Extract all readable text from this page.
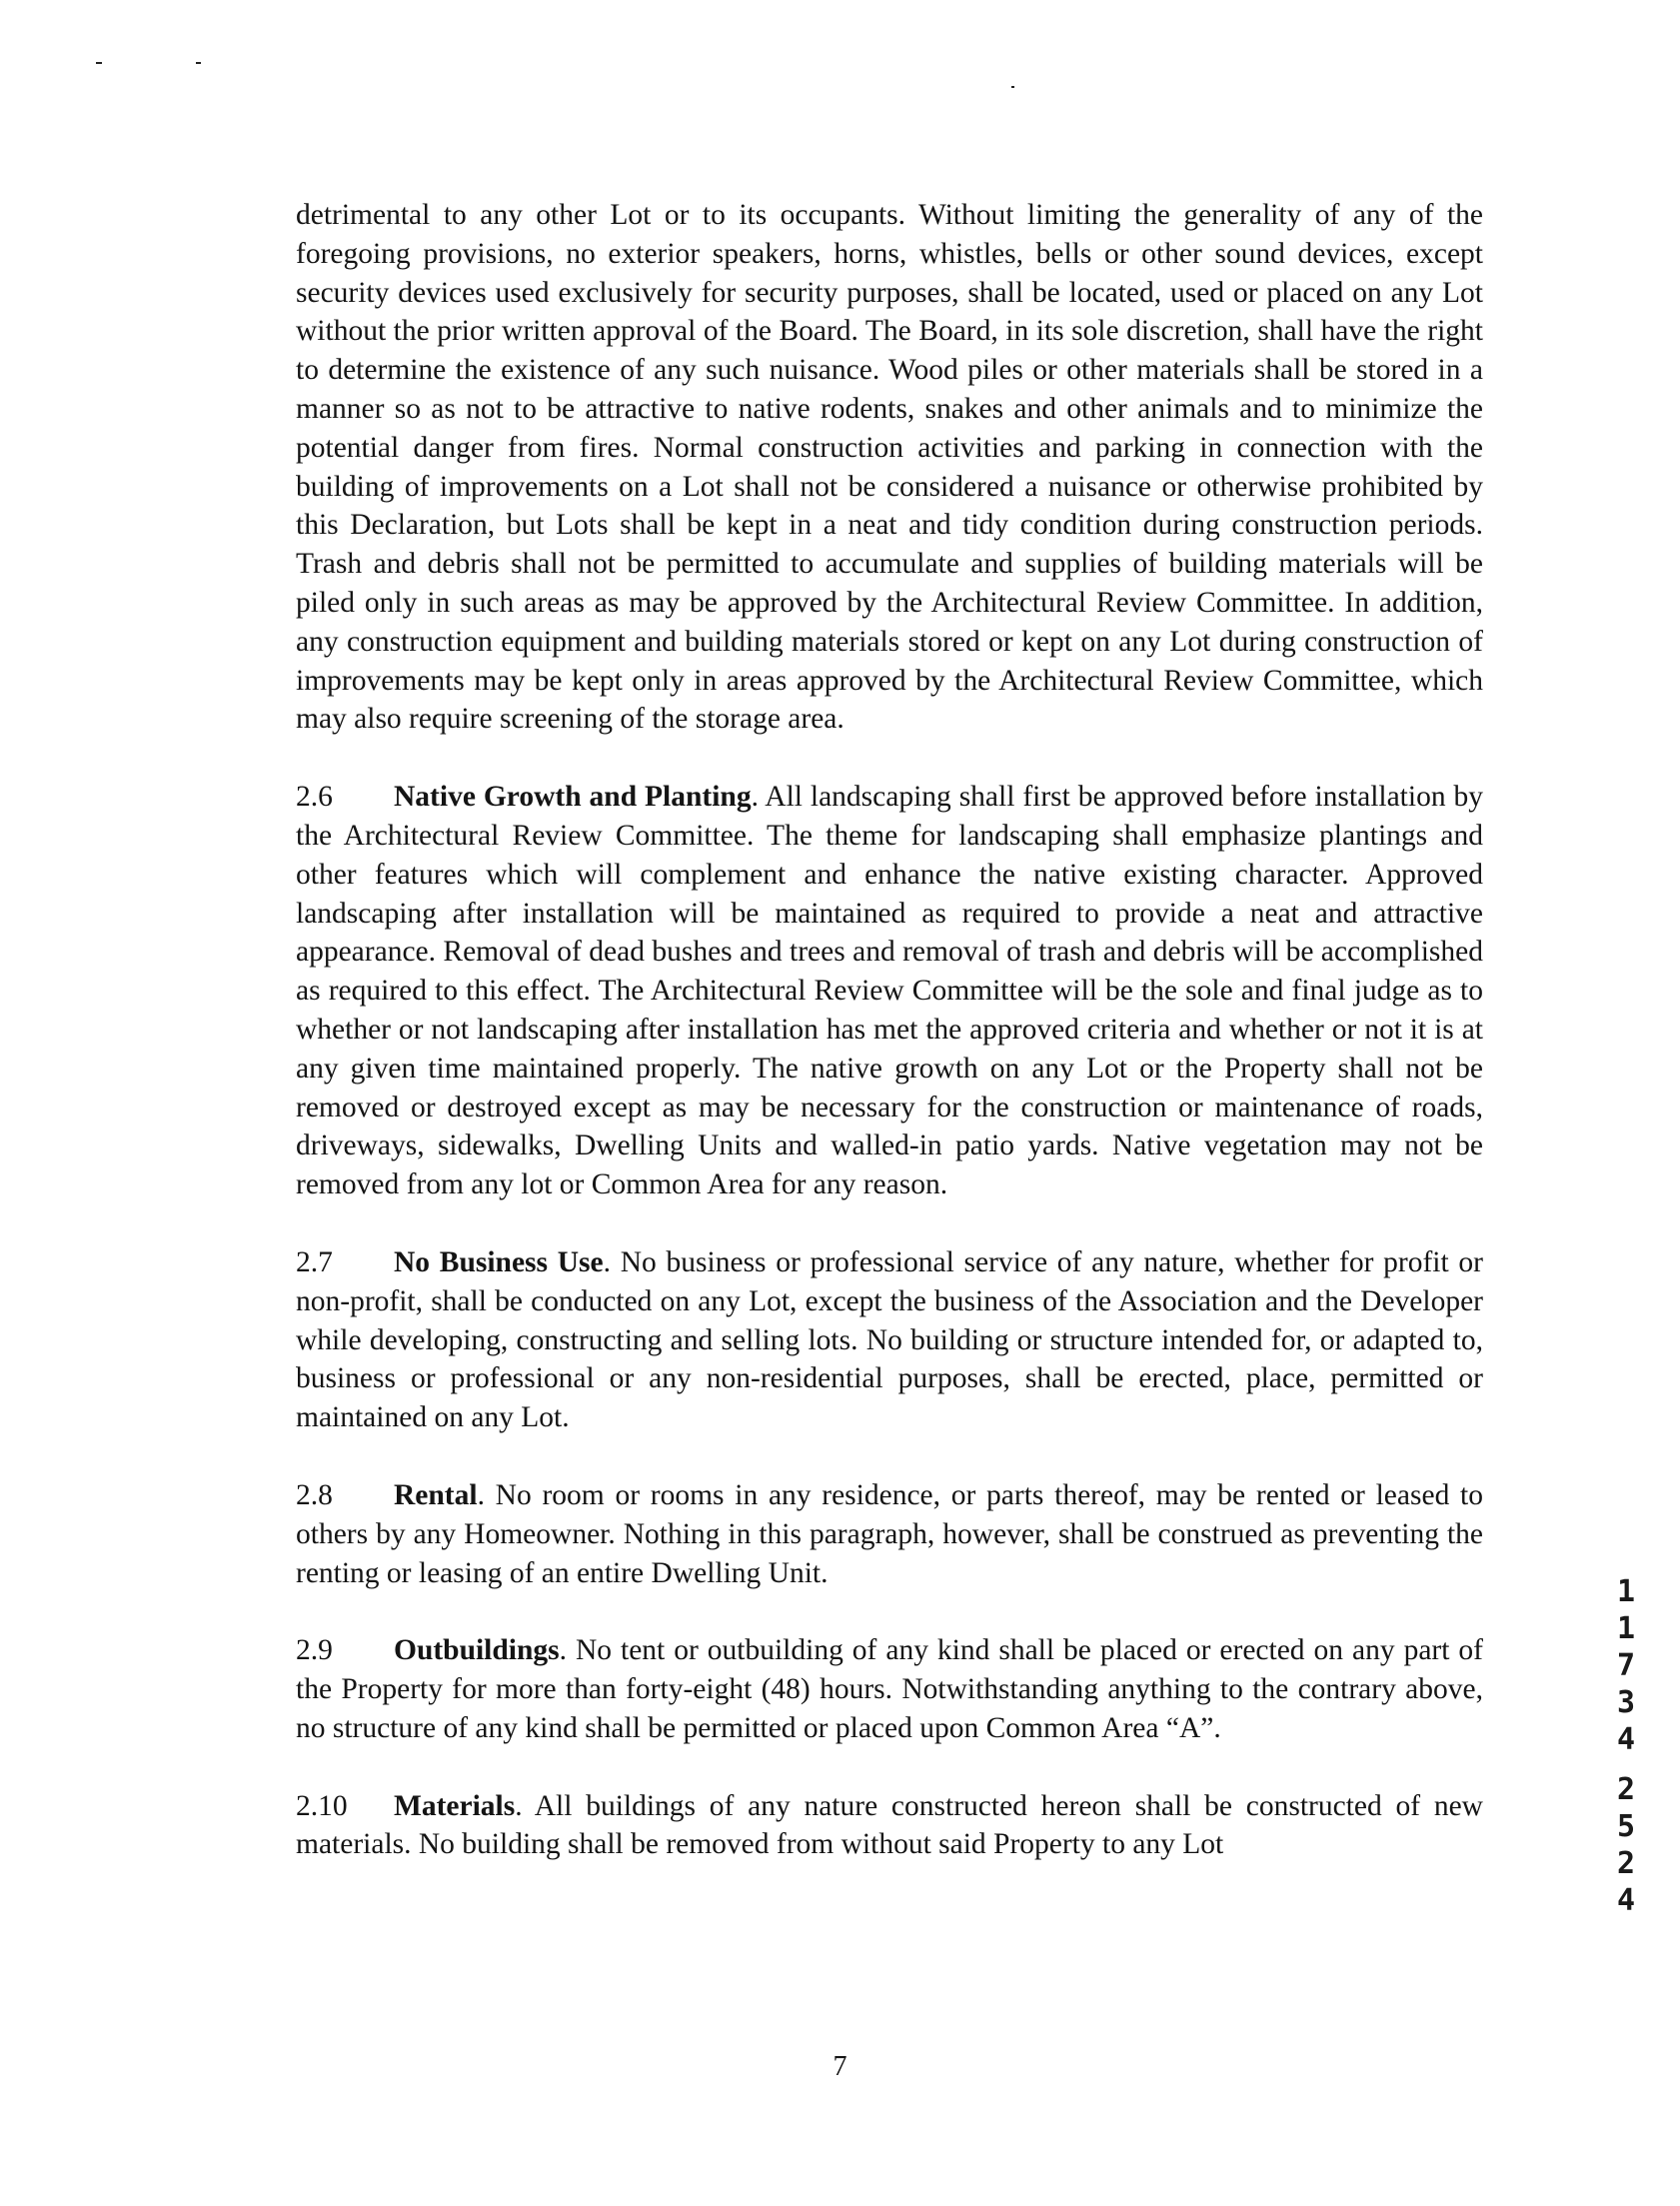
detrimental to any other Lot or to its occupants. Without limiting the generality of any of the foregoing provisions, no exterior speakers, horns, whistles, bells or other sound devices, except security devices used exclusively for security purposes, shall be located, used or placed on any Lot without the prior written approval of the Board. The Board, in its sole discretion, shall have the right to determine the existence of any such nuisance. Wood piles or other materials shall be stored in a manner so as not to be attractive to native rodents, snakes and other animals and to minimize the potential danger from fires. Normal construction activities and parking in connection with the building of improvements on a Lot shall not be considered a nuisance or otherwise prohibited by this Declaration, but Lots shall be kept in a neat and tidy condition during construction periods. Trash and debris shall not be permitted to accumulate and supplies of building materials will be piled only in such areas as may be approved by the Architectural Review Committee. In addition, any construction equipment and building materials stored or kept on any Lot during construction of improvements may be kept only in areas approved by the Architectural Review Committee, which may also require screening of the storage area.

2.6 Native Growth and Planting. All landscaping shall first be approved before installation by the Architectural Review Committee. The theme for landscaping shall emphasize plantings and other features which will complement and enhance the native existing character. Approved landscaping after installation will be maintained as required to provide a neat and attractive appearance. Removal of dead bushes and trees and removal of trash and debris will be accomplished as required to this effect. The Architectural Review Committee will be the sole and final judge as to whether or not landscaping after installation has met the approved criteria and whether or not it is at any given time maintained properly. The native growth on any Lot or the Property shall not be removed or destroyed except as may be necessary for the construction or maintenance of roads, driveways, sidewalks, Dwelling Units and walled-in patio yards. Native vegetation may not be removed from any lot or Common Area for any reason.

2.7 No Business Use. No business or professional service of any nature, whether for profit or non-profit, shall be conducted on any Lot, except the business of the Association and the Developer while developing, constructing and selling lots. No building or structure intended for, or adapted to, business or professional or any non-residential purposes, shall be erected, place, permitted or maintained on any Lot.

2.8 Rental. No room or rooms in any residence, or parts thereof, may be rented or leased to others by any Homeowner. Nothing in this paragraph, however, shall be construed as preventing the renting or leasing of an entire Dwelling Unit.

2.9 Outbuildings. No tent or outbuilding of any kind shall be placed or erected on any part of the Property for more than forty-eight (48) hours. Notwithstanding anything to the contrary above, no structure of any kind shall be permitted or placed upon Common Area “A”.

2.10 Materials. All buildings of any nature constructed hereon shall be constructed of new materials. No building shall be removed from without said Property to any Lot

1
1
7
3
4
2
5
2
4
7
